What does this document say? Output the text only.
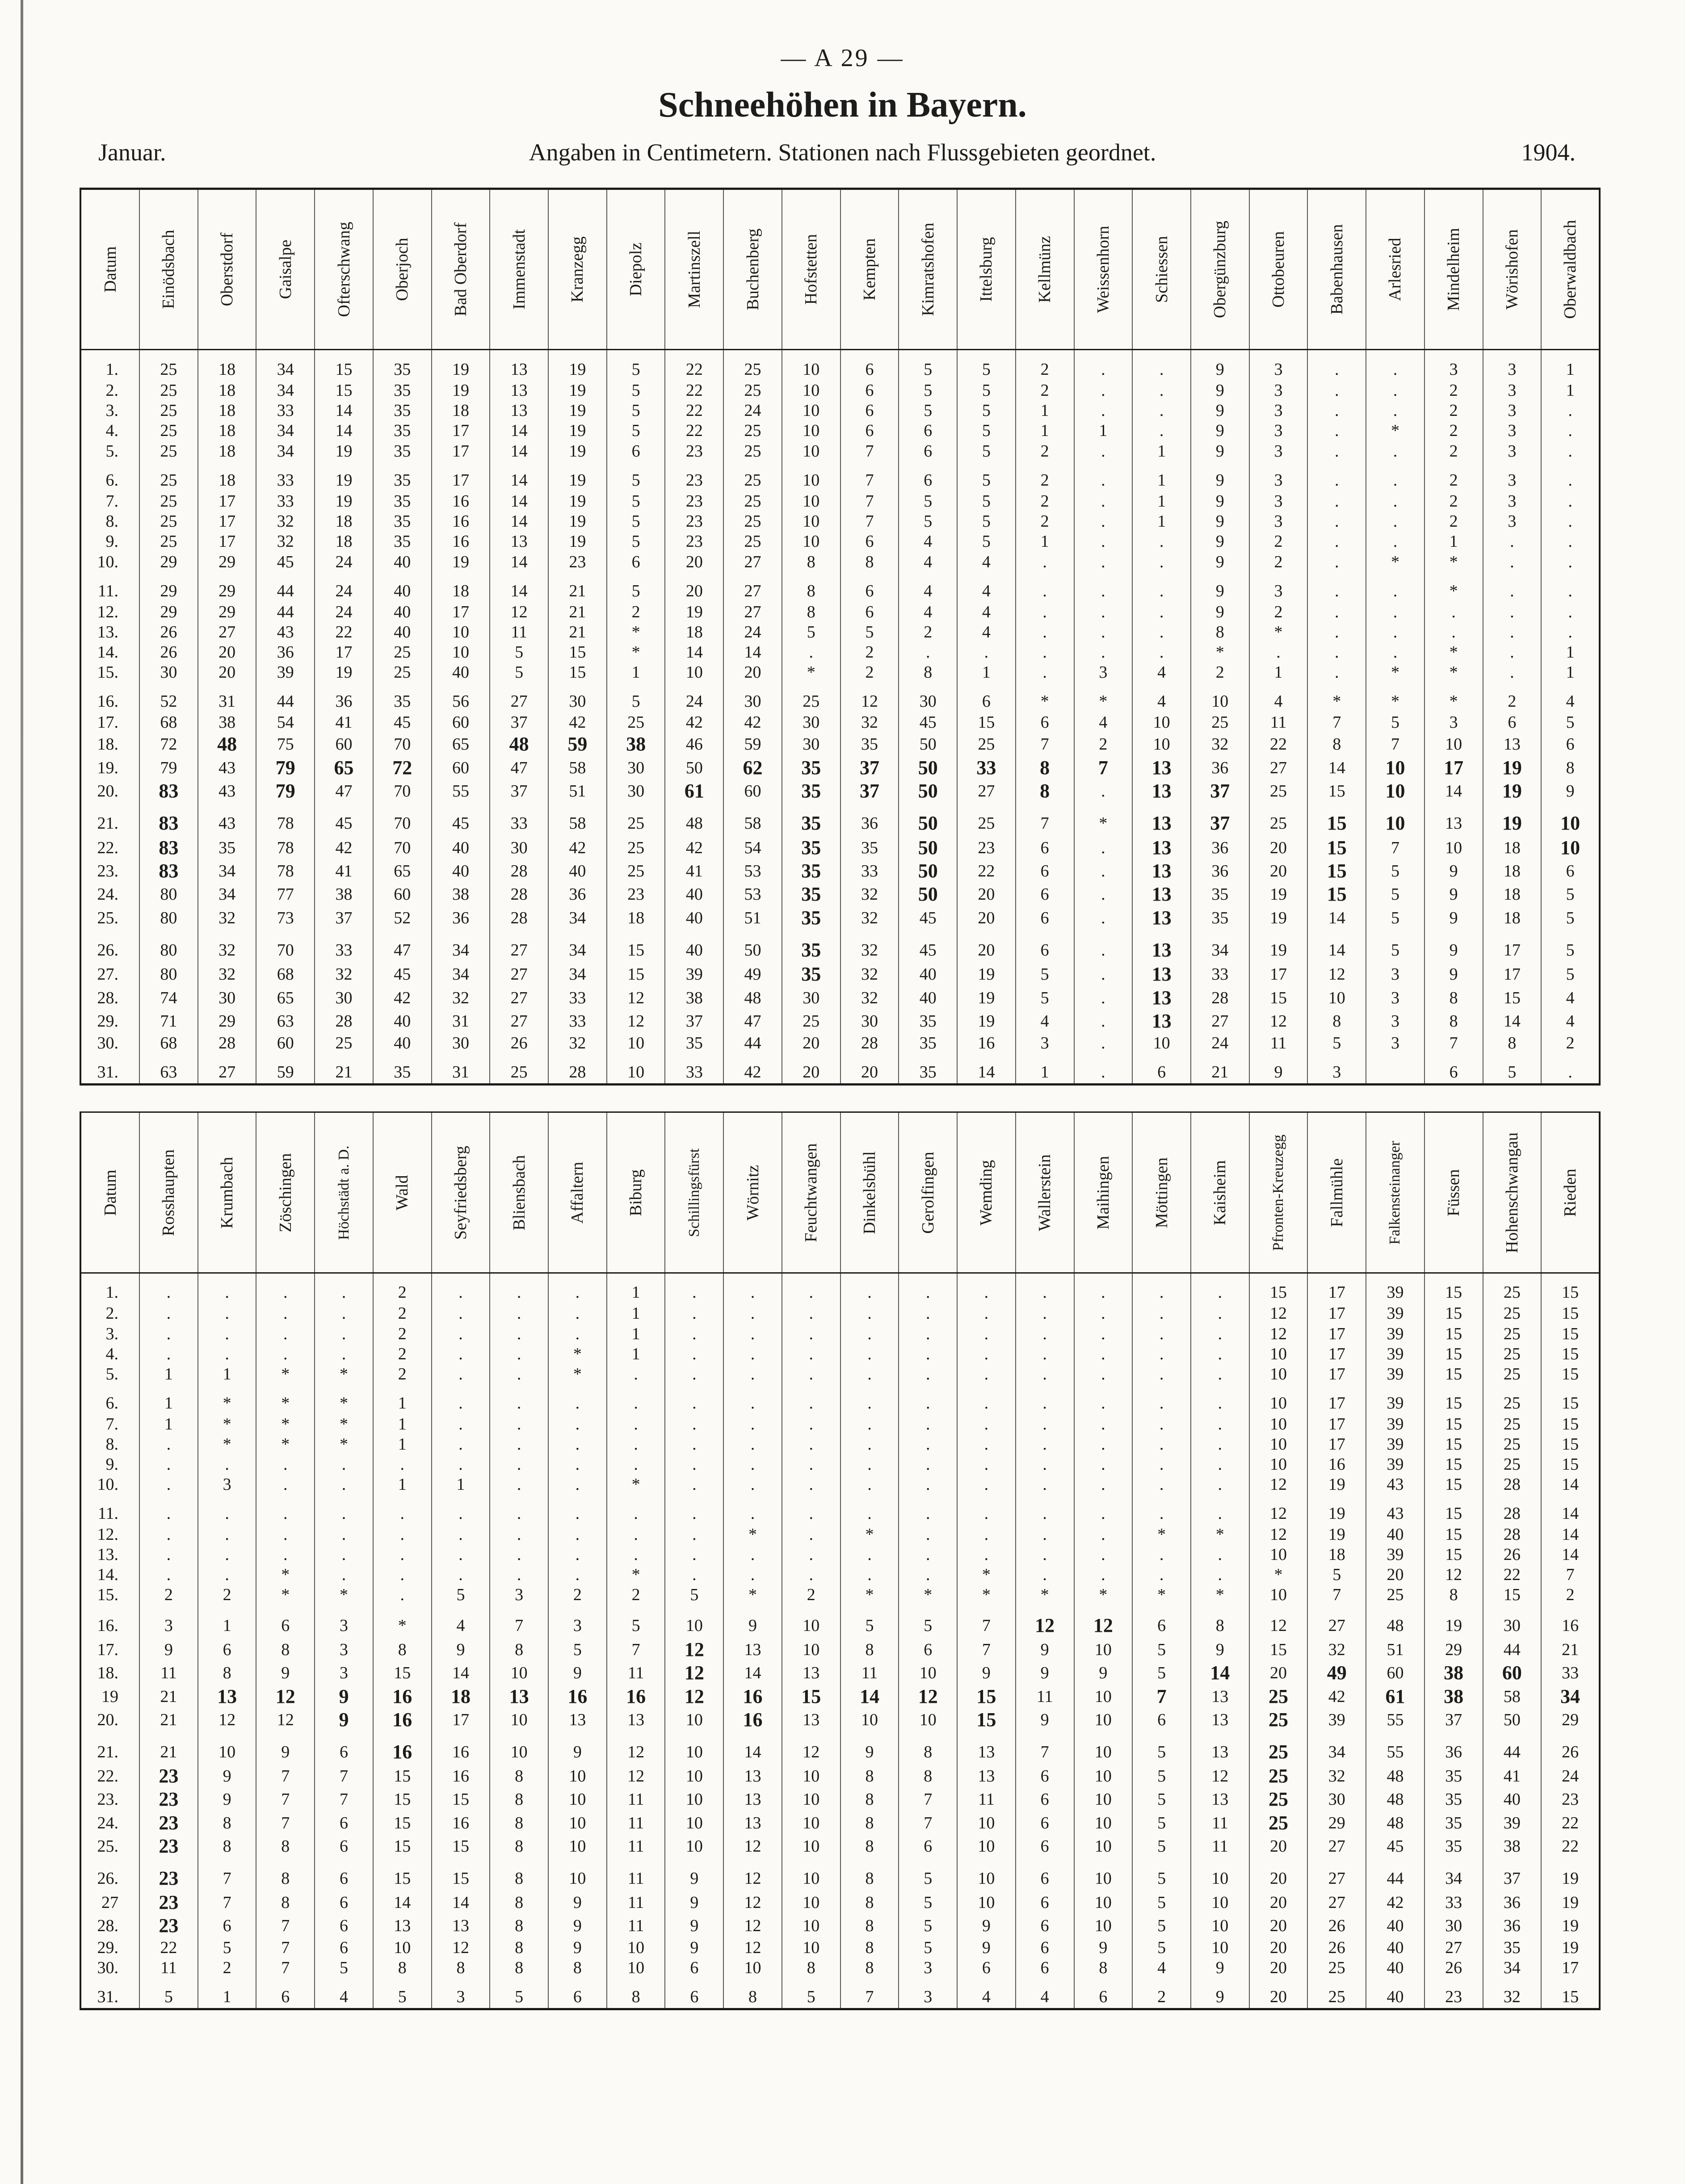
— A 29 —
Schneehöhen in Bayern.
Januar.	Angaben in Centimetern. Stationen nach Flussgebieten geordnet.	1904.
Datum	Einödsbach	Oberstdorf	Gaisalpe	Ofterschwang	Oberjoch	Bad Oberdorf	Immenstadt	Kranzegg	Diepolz	Martinszell	Buchenberg	Hofstetten	Kempten	Kimratshofen	Ittelsburg	Kellmünz	Weissenhorn	Schiessen	Obergünzburg	Ottobeuren	Babenhausen	Arlesried	Mindelheim	Wörishofen	Oberwaldbach

1.	25	18	34	15	35	19	13	19	5	22	25	10	6	5	5	2	.	.	9	3	.	.	3	3	1
2.	25	18	34	15	35	19	13	19	5	22	25	10	6	5	5	2	.	.	9	3	.	.	2	3	1
3.	25	18	33	14	35	18	13	19	5	22	24	10	6	5	5	1	.	.	9	3	.	.	2	3	.
4.	25	18	34	14	35	17	14	19	5	22	25	10	6	6	5	1	1	.	9	3	.	*	2	3	.
5.	25	18	34	19	35	17	14	19	6	23	25	10	7	6	5	2	.	1	9	3	.	.	2	3	.
6.	25	18	33	19	35	17	14	19	5	23	25	10	7	6	5	2	.	1	9	3	.	.	2	3	.
7.	25	17	33	19	35	16	14	19	5	23	25	10	7	5	5	2	.	1	9	3	.	.	2	3	.
8.	25	17	32	18	35	16	14	19	5	23	25	10	7	5	5	2	.	1	9	3	.	.	2	3	.
9.	25	17	32	18	35	16	13	19	5	23	25	10	6	4	5	1	.	.	9	2	.	.	1	.	.
10.	29	29	45	24	40	19	14	23	6	20	27	8	8	4	4	.	.	.	9	2	.	*	*	.	.
11.	29	29	44	24	40	18	14	21	5	20	27	8	6	4	4	.	.	.	9	3	.	.	*	.	.
12.	29	29	44	24	40	17	12	21	2	19	27	8	6	4	4	.	.	.	9	2	.	.	.	.	.
13.	26	27	43	22	40	10	11	21	*	18	24	5	5	2	4	.	.	.	8	*	.	.	.	.	.
14.	26	20	36	17	25	10	5	15	*	14	14	.	2	.	.	.	.	.	*	.	.	.	*	.	1
15.	30	20	39	19	25	40	5	15	1	10	20	*	2	8	1	.	3	4	2	1	.	*	*	.	1
16.	52	31	44	36	35	56	27	30	5	24	30	25	12	30	6	*	*	4	10	4	*	*	*	2	4
17.	68	38	54	41	45	60	37	42	25	42	42	30	32	45	15	6	4	10	25	11	7	5	3	6	5
18.	72	48	75	60	70	65	48	59	38	46	59	30	35	50	25	7	2	10	32	22	8	7	10	13	6
19.	79	43	79	65	72	60	47	58	30	50	62	35	37	50	33	8	7	13	36	27	14	10	17	19	8
20.	83	43	79	47	70	55	37	51	30	61	60	35	37	50	27	8	.	13	37	25	15	10	14	19	9
21.	83	43	78	45	70	45	33	58	25	48	58	35	36	50	25	7	*	13	37	25	15	10	13	19	10
22.	83	35	78	42	70	40	30	42	25	42	54	35	35	50	23	6	.	13	36	20	15	7	10	18	10
23.	83	34	78	41	65	40	28	40	25	41	53	35	33	50	22	6	.	13	36	20	15	5	9	18	6
24.	80	34	77	38	60	38	28	36	23	40	53	35	32	50	20	6	.	13	35	19	15	5	9	18	5
25.	80	32	73	37	52	36	28	34	18	40	51	35	32	45	20	6	.	13	35	19	14	5	9	18	5
26.	80	32	70	33	47	34	27	34	15	40	50	35	32	45	20	6	.	13	34	19	14	5	9	17	5
27.	80	32	68	32	45	34	27	34	15	39	49	35	32	40	19	5	.	13	33	17	12	3	9	17	5
28.	74	30	65	30	42	32	27	33	12	38	48	30	32	40	19	5	.	13	28	15	10	3	8	15	4
29.	71	29	63	28	40	31	27	33	12	37	47	25	30	35	19	4	.	13	27	12	8	3	8	14	4
30.	68	28	60	25	40	30	26	32	10	35	44	20	28	35	16	3	.	10	24	11	5	3	7	8	2
31.	63	27	59	21	35	31	25	28	10	33	42	20	20	35	14	1	.	6	21	9	3		6	5	.
Datum	Rosshaupten	Krumbach	Zöschingen	Höchstädt a. D.	Wald	Seyfriedsberg	Bliensbach	Affaltern	Biburg	Schillingsfürst	Wörnitz	Feuchtwangen	Dinkelsbühl	Gerolfingen	Wemding	Wallerstein	Maihingen	Möttingen	Kaisheim	Pfronten-Kreuzegg	Fallmühle	Falkensteinanger	Füssen	Hohenschwangau	Rieden

1.	.	.	.	.	2	.	.	.	1	.	.	.	.	.	.	.	.	.	.	15	17	39	15	25	15
2.	.	.	.	.	2	.	.	.	1	.	.	.	.	.	.	.	.	.	.	12	17	39	15	25	15
3.	.	.	.	.	2	.	.	.	1	.	.	.	.	.	.	.	.	.	.	12	17	39	15	25	15
4.	.	.	.	.	2	.	.	*	1	.	.	.	.	.	.	.	.	.	.	10	17	39	15	25	15
5.	1	1	*	*	2	.	.	*	.	.	.	.	.	.	.	.	.	.	.	10	17	39	15	25	15
6.	1	*	*	*	1	.	.	.	.	.	.	.	.	.	.	.	.	.	.	10	17	39	15	25	15
7.	1	*	*	*	1	.	.	.	.	.	.	.	.	.	.	.	.	.	.	10	17	39	15	25	15
8.	.	*	*	*	1	.	.	.	.	.	.	.	.	.	.	.	.	.	.	10	17	39	15	25	15
9.	.	.	.	.	.	.	.	.	.	.	.	.	.	.	.	.	.	.	.	10	16	39	15	25	15
10.	.	3	.	.	1	1	.	.	*	.	.	.	.	.	.	.	.	.	.	12	19	43	15	28	14
11.	.	.	.	.	.	.	.	.	.	.	.	.	.	.	.	.	.	.	.	12	19	43	15	28	14
12.	.	.	.	.	.	.	.	.	.	.	*	.	*	.	.	.	.	*	*	12	19	40	15	28	14
13.	.	.	.	.	.	.	.	.	.	.	.	.	.	.	.	.	.	.	.	10	18	39	15	26	14
14.	.	.	*	.	.	.	.	.	*	.	.	.	.	.	*	.	.	.	.	*	5	20	12	22	7
15.	2	2	*	*	.	5	3	2	2	5	*	2	*	*	*	*	*	*	*	10	7	25	8	15	2
16.	3	1	6	3	*	4	7	3	5	10	9	10	5	5	7	12	12	6	8	12	27	48	19	30	16
17.	9	6	8	3	8	9	8	5	7	12	13	10	8	6	7	9	10	5	9	15	32	51	29	44	21
18.	11	8	9	3	15	14	10	9	11	12	14	13	11	10	9	9	9	5	14	20	49	60	38	60	33
19	21	13	12	9	16	18	13	16	16	12	16	15	14	12	15	11	10	7	13	25	42	61	38	58	34
20.	21	12	12	9	16	17	10	13	13	10	16	13	10	10	15	9	10	6	13	25	39	55	37	50	29
21.	21	10	9	6	16	16	10	9	12	10	14	12	9	8	13	7	10	5	13	25	34	55	36	44	26
22.	23	9	7	7	15	16	8	10	12	10	13	10	8	8	13	6	10	5	12	25	32	48	35	41	24
23.	23	9	7	7	15	15	8	10	11	10	13	10	8	7	11	6	10	5	13	25	30	48	35	40	23
24.	23	8	7	6	15	16	8	10	11	10	13	10	8	7	10	6	10	5	11	25	29	48	35	39	22
25.	23	8	8	6	15	15	8	10	11	10	12	10	8	6	10	6	10	5	11	20	27	45	35	38	22
26.	23	7	8	6	15	15	8	10	11	9	12	10	8	5	10	6	10	5	10	20	27	44	34	37	19
27	23	7	8	6	14	14	8	9	11	9	12	10	8	5	10	6	10	5	10	20	27	42	33	36	19
28.	23	6	7	6	13	13	8	9	11	9	12	10	8	5	9	6	10	5	10	20	26	40	30	36	19
29.	22	5	7	6	10	12	8	9	10	9	12	10	8	5	9	6	9	5	10	20	26	40	27	35	19
30.	11	2	7	5	8	8	8	8	10	6	10	8	8	3	6	6	8	4	9	20	25	40	26	34	17
31.	5	1	6	4	5	3	5	6	8	6	8	5	7	3	4	4	6	2	9	20	25	40	23	32	15
